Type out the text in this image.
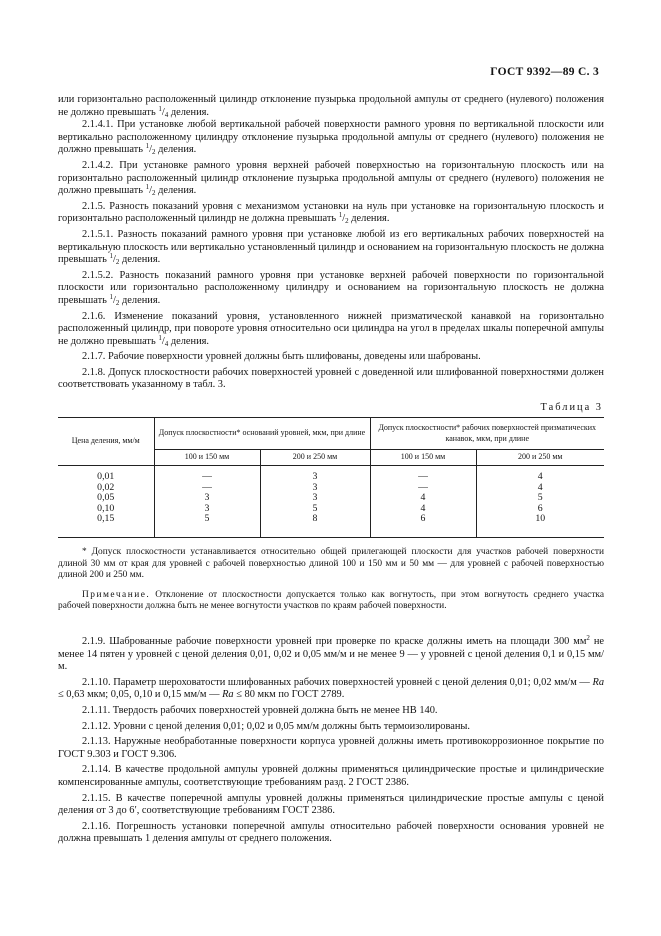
ГОСТ 9392—89 С. 3

или горизонтально расположенный цилиндр отклонение пузырька продольной ампулы от среднего (нулевого) положения не должно превышать $^1/_4$ деления.

2.1.4.1. При установке любой вертикальной рабочей поверхности рамного уровня по вертикальной плоскости или вертикально расположенному цилиндру отклонение пузырька продольной ампулы от среднего (нулевого) положения не должно превышать $^1/_2$ деления.

2.1.4.2. При установке рамного уровня верхней рабочей поверхностью на горизонтальную плоскость или на горизонтально расположенный цилиндр отклонение пузырька продольной ампулы от среднего (нулевого) положения не должно превышать $^1/_2$ деления.

2.1.5. Разность показаний уровня с механизмом установки на нуль при установке на горизонтальную плоскость и горизонтально расположенный цилиндр не должна превышать $^1/_2$ деления.

2.1.5.1. Разность показаний рамного уровня при установке любой из его вертикальных рабочих поверхностей на вертикальную плоскость или вертикально установленный цилиндр и основанием на горизонтальную плоскость не должна превышать $^1/_2$ деления.

2.1.5.2. Разность показаний рамного уровня при установке верхней рабочей поверхности по горизонтальной плоскости или горизонтально расположенному цилиндру и основанием на горизонтальную плоскость не должна превышать $^1/_2$ деления.

2.1.6. Изменение показаний уровня, установленного нижней призматической канавкой на горизонтально расположенный цилиндр, при повороте уровня относительно оси цилиндра на угол в пределах шкалы поперечной ампулы не должно превышать $^1/_4$ деления.

2.1.7. Рабочие поверхности уровней должны быть шлифованы, доведены или шаброваны.

2.1.8. Допуск плоскостности рабочих поверхностей уровней с доведенной или шлифованной поверхностями должен соответствовать указанному в табл. 3.

Таблица 3
Цена деления, мм/м	Допуск плоскостности* оснований уровней, мкм, при длине		Допуск плоскостности* рабочих поверхностей призматических канавок, мкм, при длине	
	100 и 150 мм	200 и 250 мм	100 и 150 мм	200 и 250 мм
0,01	—	3	—	4
0,02	—	3	—	4
0,05	3	3	4	5
0,10	3	5	4	6
0,15	5	8	6	10

* Допуск плоскостности устанавливается относительно общей прилегающей плоскости для участков рабочей поверхности длиной 30 мм от края для уровней с рабочей поверхностью длиной 100 и 150 мм и 50 мм — для уровней с рабочей поверхностью длиной 200 и 250 мм.

Примечание. Отклонение от плоскостности допускается только как вогнутость, при этом вогнутость среднего участка рабочей поверхности должна быть не менее вогнутости участков по краям рабочей поверхности.

2.1.9. Шаброванные рабочие поверхности уровней при проверке по краске должны иметь на площади 300 $мм^2$ не менее 14 пятен у уровней с ценой деления 0,01, 0,02 и 0,05 мм/м и не менее 9 — у уровней с ценой деления 0,1 и 0,15 мм/м.

2.1.10. Параметр шероховатости шлифованных рабочих поверхностей уровней с ценой деления 0,01; 0,02 мм/м — Ra ≤ 0,63 мкм; 0,05, 0,10 и 0,15 мм/м — Ra ≤ 80 мкм по ГОСТ 2789.

2.1.11. Твердость рабочих поверхностей уровней должна быть не менее НВ 140.

2.1.12. Уровни с ценой деления 0,01; 0,02 и 0,05 мм/м должны быть термоизолированы.

2.1.13. Наружные необработанные поверхности корпуса уровней должны иметь противокоррозионное покрытие по ГОСТ 9.303 и ГОСТ 9.306.

2.1.14. В качестве продольной ампулы уровней должны применяться цилиндрические простые и цилиндрические компенсированные ампулы, соответствующие требованиям разд. 2 ГОСТ 2386.

2.1.15. В качестве поперечной ампулы уровней должны применяться цилиндрические простые ампулы с ценой деления от 3 до 6′, соответствующие требованиям ГОСТ 2386.

2.1.16. Погрешность установки поперечной ампулы относительно рабочей поверхности основания уровней не должна превышать 1 деления ампулы от среднего положения.
